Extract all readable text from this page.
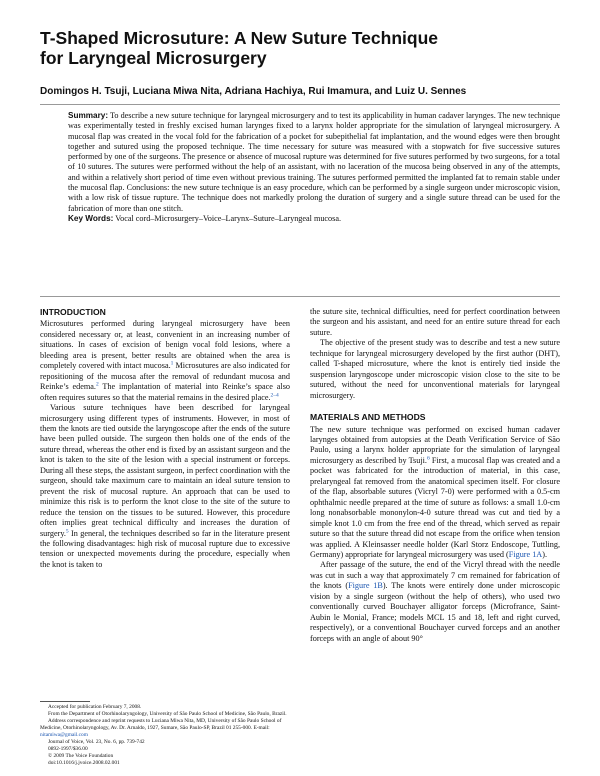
T-Shaped Microsuture: A New Suture Technique
for Laryngeal Microsurgery
Domingos H. Tsuji, Luciana Miwa Nita, Adriana Hachiya, Rui Imamura, and Luiz U. Sennes
Summary: To describe a new suture technique for laryngeal microsurgery and to test its applicability in human cadaver larynges. The new technique was experimentally tested in freshly excised human larynges fixed to a larynx holder appropriate for the simulation of laryngeal microsurgery. A mucosal flap was created in the vocal fold for the fabrication of a pocket for subepithelial fat implantation, and the wound edges were then brought together and sutured using the proposed technique. The time necessary for suture was measured with a stopwatch for five successive sutures performed by one of the surgeons. The presence or absence of mucosal rupture was determined for five sutures performed by two surgeons, for a total of 10 sutures. The sutures were performed without the help of an assistant, with no laceration of the mucosa being observed in any of the attempts, and within a relatively short period of time even without previous training. The sutures performed permitted the implanted fat to remain stable under the mucosal flap. Conclusions: the new suture technique is an easy procedure, which can be performed by a single surgeon under microscopic vision, with a low risk of tissue rupture. The technique does not markedly prolong the duration of surgery and a single suture thread can be used for the fabrication of more than one stitch.
Key Words: Vocal cord–Microsurgery–Voice–Larynx–Suture–Laryngeal mucosa.
INTRODUCTION

Microsutures performed during laryngeal microsurgery have been considered necessary or, at least, convenient in an increasing number of situations. In cases of excision of benign vocal fold lesions, where a bleeding area is present, better results are obtained when the area is completely covered with intact mucosa.$^1$ Microsutures are also indicated for repositioning of the mucosa after the removal of redundant mucosa and Reinke’s edema.$^2$ The implantation of material into Reinke’s space also often requires sutures so that the material remains in the desired place.$^{2-4}$

Various suture techniques have been described for laryngeal microsurgery using different types of instruments. However, in most of them the knots are tied outside the laryngoscope after the ends of the suture have been pulled outside. The surgeon then holds one of the ends of the suture thread, whereas the other end is fixed by an assistant surgeon and the knot is taken to the site of the lesion with a special instrument or forceps. During all these steps, the assistant surgeon, in perfect coordination with the surgeon, should take maximum care to maintain an ideal suture tension to prevent the risk of mucosal rupture. An approach that can be used to minimize this risk is to perform the knot close to the site of the suture to reduce the tension on the tissues to be sutured. However, this procedure often implies great technical difficulty and increases the duration of surgery.$^5$ In general, the techniques described so far in the literature present the following disadvantages: high risk of mucosal rupture due to excessive tension or unexpected movements during the procedure, especially when the knot is taken to

the suture site, technical difficulties, need for perfect coordination between the surgeon and his assistant, and need for an entire suture thread for each suture.

The objective of the present study was to describe and test a new suture technique for laryngeal microsurgery developed by the first author (DHT), called T-shaped microsuture, where the knot is entirely tied inside the suspension laryngoscope under microscopic vision close to the site to be sutured, without the need for unconventional materials for laryngeal microsurgery.

MATERIALS AND METHODS

The new suture technique was performed on excised human cadaver larynges obtained from autopsies at the Death Verification Service of São Paulo, using a larynx holder appropriate for the simulation of laryngeal microsurgery as described by Tsuji.$^6$ First, a mucosal flap was created and a pocket was fabricated for the introduction of material, in this case, prelaryngeal fat removed from the anatomical specimen itself. For closure of the flap, absorbable sutures (Vicryl 7-0) were performed with a 0.5-cm ophthalmic needle prepared at the time of suture as follows: a small 1.0-cm long nonabsorbable mononylon-4-0 suture thread was cut and tied by a simple knot 1.0 cm from the free end of the thread, which served as repair suture so that the suture thread did not escape from the orifice when tension was applied. A Kleinsasser needle holder (Karl Storz Endoscope, Tuttling, Germany) appropriate for laryngeal microsurgery was used (Figure 1A).

After passage of the suture, the end of the Vicryl thread with the needle was cut in such a way that approximately 7 cm remained for fabrication of the knots (Figure 1B). The knots were entirely done under microscopic vision by a single surgeon (without the help of others), who used two conventionally curved Bouchayer alligator forceps (Microfrance, Saint-Aubin le Monial, France; models MCL 15 and 18, left and right curved, respectively), or a conventional Bouchayer curved forceps and an another forceps with an angle of about 90°

Accepted for publication February 7, 2008.
From the Department of Otorhinolaryngology, University of São Paulo School of Medicine, São Paulo, Brazil.
Address correspondence and reprint requests to Luciana Miwa Nita, MD, University of São Paulo School of Medicine, Otorhinolaryngology, Av. Dr. Arnaldo, 1927, Sumare, São Paulo-SP, Brazil 01 255-000. E-mail: nitamiwa@gmail.com
Journal of Voice, Vol. 23, No. 6, pp. 739-742
0892-1997/$36.00
© 2009 The Voice Foundation
doi:10.1016/j.jvoice.2008.02.001
